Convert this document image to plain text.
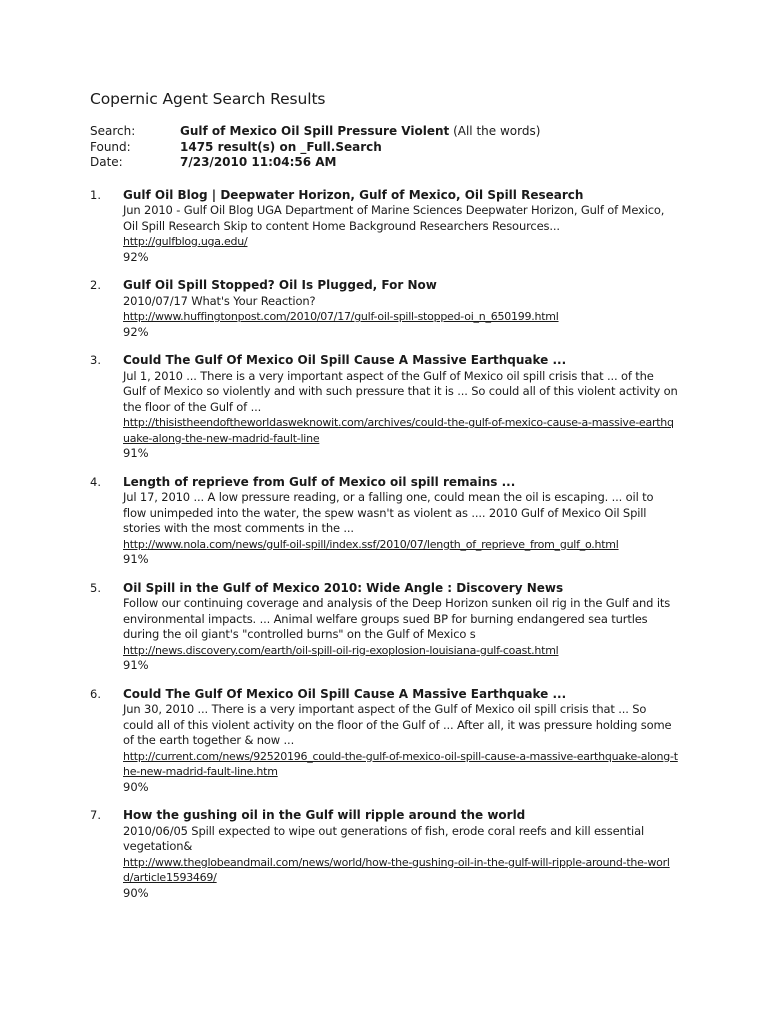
Copernic Agent Search Results
Search:	Gulf of Mexico Oil Spill Pressure Violent (All the words)
Found:	1475 result(s) on _Full.Search
Date:	7/23/2010 11:04:56 AM
1.	Gulf Oil Blog | Deepwater Horizon, Gulf of Mexico, Oil Spill Research
Jun 2010 - Gulf Oil Blog UGA Department of Marine Sciences Deepwater Horizon, Gulf of Mexico, Oil Spill Research Skip to content Home Background Researchers Resources...
http://gulfblog.uga.edu/
92%
2.	Gulf Oil Spill Stopped? Oil Is Plugged, For Now
2010/07/17 What's Your Reaction?
http://www.huffingtonpost.com/2010/07/17/gulf-oil-spill-stopped-oi_n_650199.html
92%
3.	Could The Gulf Of Mexico Oil Spill Cause A Massive Earthquake ...
Jul 1, 2010 ... There is a very important aspect of the Gulf of Mexico oil spill crisis that ... of the Gulf of Mexico so violently and with such pressure that it is ... So could all of this violent activity on the floor of the Gulf of ...
http://thisistheendoftheworldasweknowit.com/archives/could-the-gulf-of-mexico-cause-a-massive-earthquake-along-the-new-madrid-fault-line
91%
4.	Length of reprieve from Gulf of Mexico oil spill remains ...
Jul 17, 2010 ... A low pressure reading, or a falling one, could mean the oil is escaping. ... oil to flow unimpeded into the water, the spew wasn't as violent as .... 2010 Gulf of Mexico Oil Spill stories with the most comments in the ...
http://www.nola.com/news/gulf-oil-spill/index.ssf/2010/07/length_of_reprieve_from_gulf_o.html
91%
5.	Oil Spill in the Gulf of Mexico 2010: Wide Angle : Discovery News
Follow our continuing coverage and analysis of the Deep Horizon sunken oil rig in the Gulf and its environmental impacts. ... Animal welfare groups sued BP for burning endangered sea turtles during the oil giant's "controlled burns" on the Gulf of Mexico s
http://news.discovery.com/earth/oil-spill-oil-rig-exoplosion-louisiana-gulf-coast.html
91%
6.	Could The Gulf Of Mexico Oil Spill Cause A Massive Earthquake ...
Jun 30, 2010 ... There is a very important aspect of the Gulf of Mexico oil spill crisis that ... So could all of this violent activity on the floor of the Gulf of ... After all, it was pressure holding some of the earth together & now ...
http://current.com/news/92520196_could-the-gulf-of-mexico-oil-spill-cause-a-massive-earthquake-along-the-new-madrid-fault-line.htm
90%
7.	How the gushing oil in the Gulf will ripple around the world
2010/06/05 Spill expected to wipe out generations of fish, erode coral reefs and kill essential vegetation&
http://www.theglobeandmail.com/news/world/how-the-gushing-oil-in-the-gulf-will-ripple-around-the-world/article1593469/
90%
